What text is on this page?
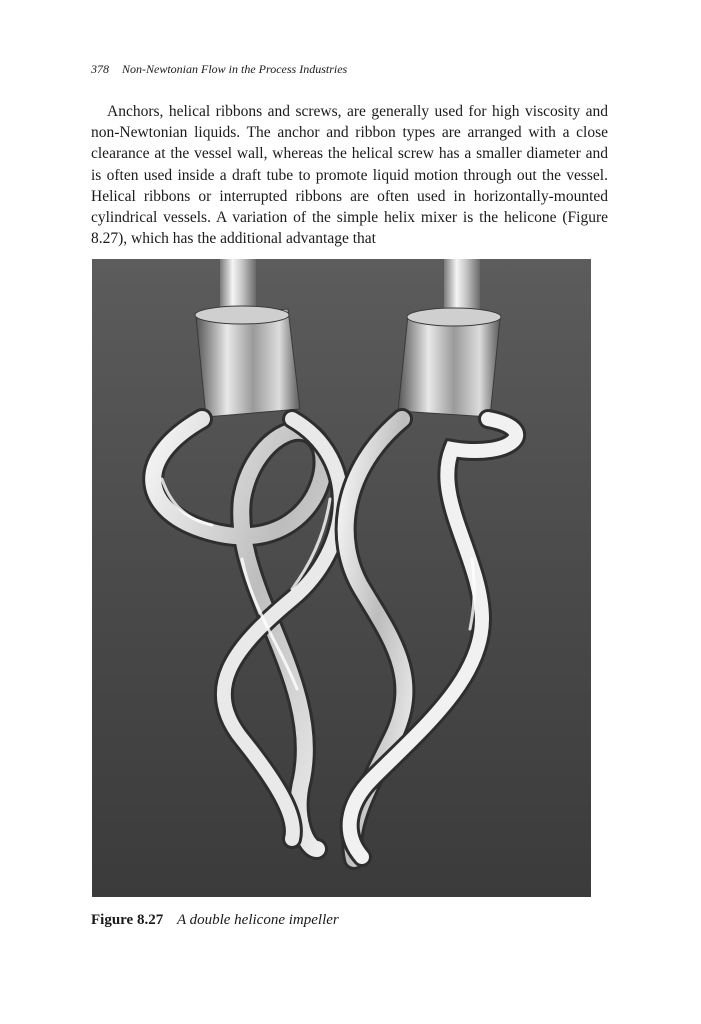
378 Non-Newtonian Flow in the Process Industries

Anchors, helical ribbons and screws, are generally used for high viscosity and non-Newtonian liquids. The anchor and ribbon types are arranged with a close clearance at the vessel wall, whereas the helical screw has a smaller diameter and is often used inside a draft tube to promote liquid motion through out the vessel. Helical ribbons or interrupted ribbons are often used in horizontally-mounted cylindrical vessels. A variation of the simple helix mixer is the helicone (Figure 8.27), which has the additional advantage that

Figure 8.27 A double helicone impeller
